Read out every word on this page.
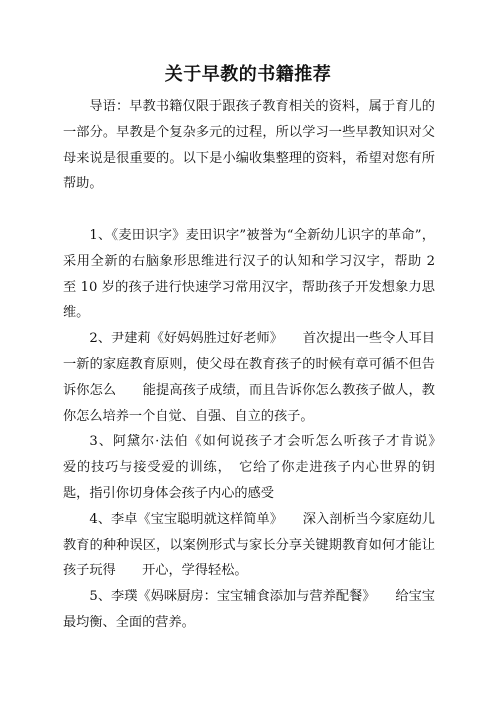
关于早教的书籍推荐

导语：早教书籍仅限于跟孩子教育相关的资料，属于育儿的一部分。早教是个复杂多元的过程，所以学习一些早教知识对父母来说是很重要的。以下是小编收集整理的资料，希望对您有所帮助。

1、《麦田识字》麦田识字”被誉为“全新幼儿识字的革命”，采用全新的右脑象形思维进行汉子的认知和学习汉字，帮助 2 至 10 岁的孩子进行快速学习常用汉字，帮助孩子开发想象力思维。

2、尹建莉《好妈妈胜过好老师》　　首次提出一些令人耳目一新的家庭教育原则，使父母在教育孩子的时候有章可循不但告诉你怎么　　能提高孩子成绩，而且告诉你怎么教孩子做人，教你怎么培养一个自觉、自强、自立的孩子。

3、阿黛尔·法伯《如何说孩子才会听怎么听孩子才肯说》　　爱的技巧与接受爱的训练，　它给了你走进孩子内心世界的钥匙，指引你切身体会孩子内心的感受

4、李卓《宝宝聪明就这样简单》　　深入剖析当今家庭幼儿教育的种种误区，以案例形式与家长分享关键期教育如何才能让孩子玩得　　开心，学得轻松。

5、李璞《妈咪厨房：宝宝辅食添加与营养配餐》　　给宝宝最均衡、全面的营养。
